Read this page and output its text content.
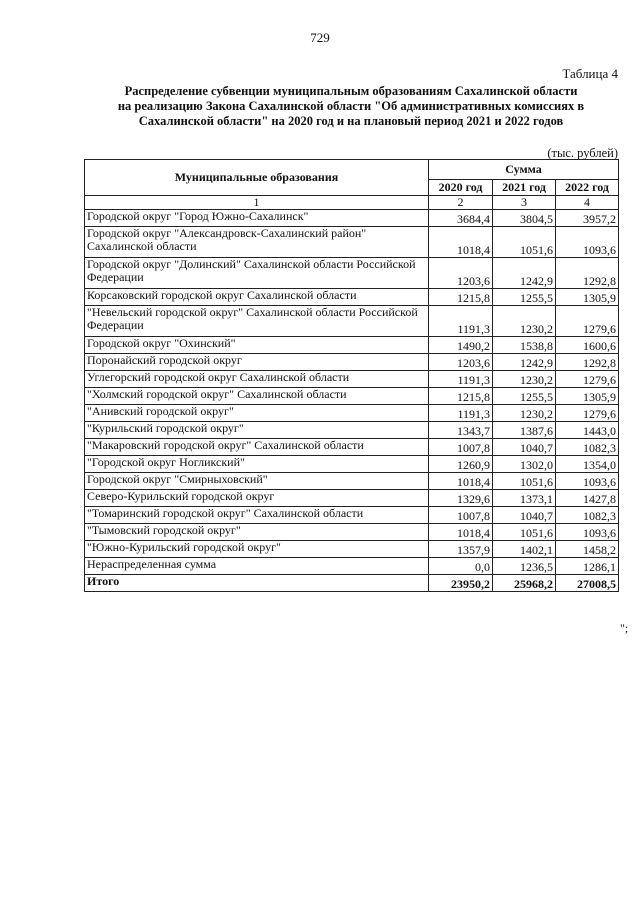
729
Таблица 4
Распределение субвенции муниципальным образованиям Сахалинской области
на реализацию Закона Сахалинской области "Об административных комиссиях в
Сахалинской области" на 2020 год и на плановый период 2021 и 2022 годов
(тыс. рублей)
Муниципальные образования	Сумма		
	2020 год	2021 год	2022 год
1	2	3	4
Городской округ "Город Южно-Сахалинск"	3684,4	3804,5	3957,2
Городской округ "Александровск-Сахалинский район" Сахалинской области	1018,4	1051,6	1093,6
Городской округ "Долинский" Сахалинской области Российской Федерации	1203,6	1242,9	1292,8
Корсаковский городской округ Сахалинской области	1215,8	1255,5	1305,9
"Невельский городской округ" Сахалинской области Российской Федерации	1191,3	1230,2	1279,6
Городской округ "Охинский"	1490,2	1538,8	1600,6
Поронайский городской округ	1203,6	1242,9	1292,8
Углегорский городской округ Сахалинской области	1191,3	1230,2	1279,6
"Холмский городской округ" Сахалинской области	1215,8	1255,5	1305,9
"Анивский городской округ"	1191,3	1230,2	1279,6
"Курильский городской округ"	1343,7	1387,6	1443,0
"Макаровский городской округ" Сахалинской области	1007,8	1040,7	1082,3
"Городской округ Ногликский"	1260,9	1302,0	1354,0
Городской округ "Смирныховский"	1018,4	1051,6	1093,6
Северо-Курильский городской округ	1329,6	1373,1	1427,8
"Томаринский городской округ" Сахалинской области	1007,8	1040,7	1082,3
"Тымовский городской округ"	1018,4	1051,6	1093,6
"Южно-Курильский городской округ"	1357,9	1402,1	1458,2
Нераспределенная сумма	0,0	1236,5	1286,1
Итого	23950,2	25968,2	27008,5
";
